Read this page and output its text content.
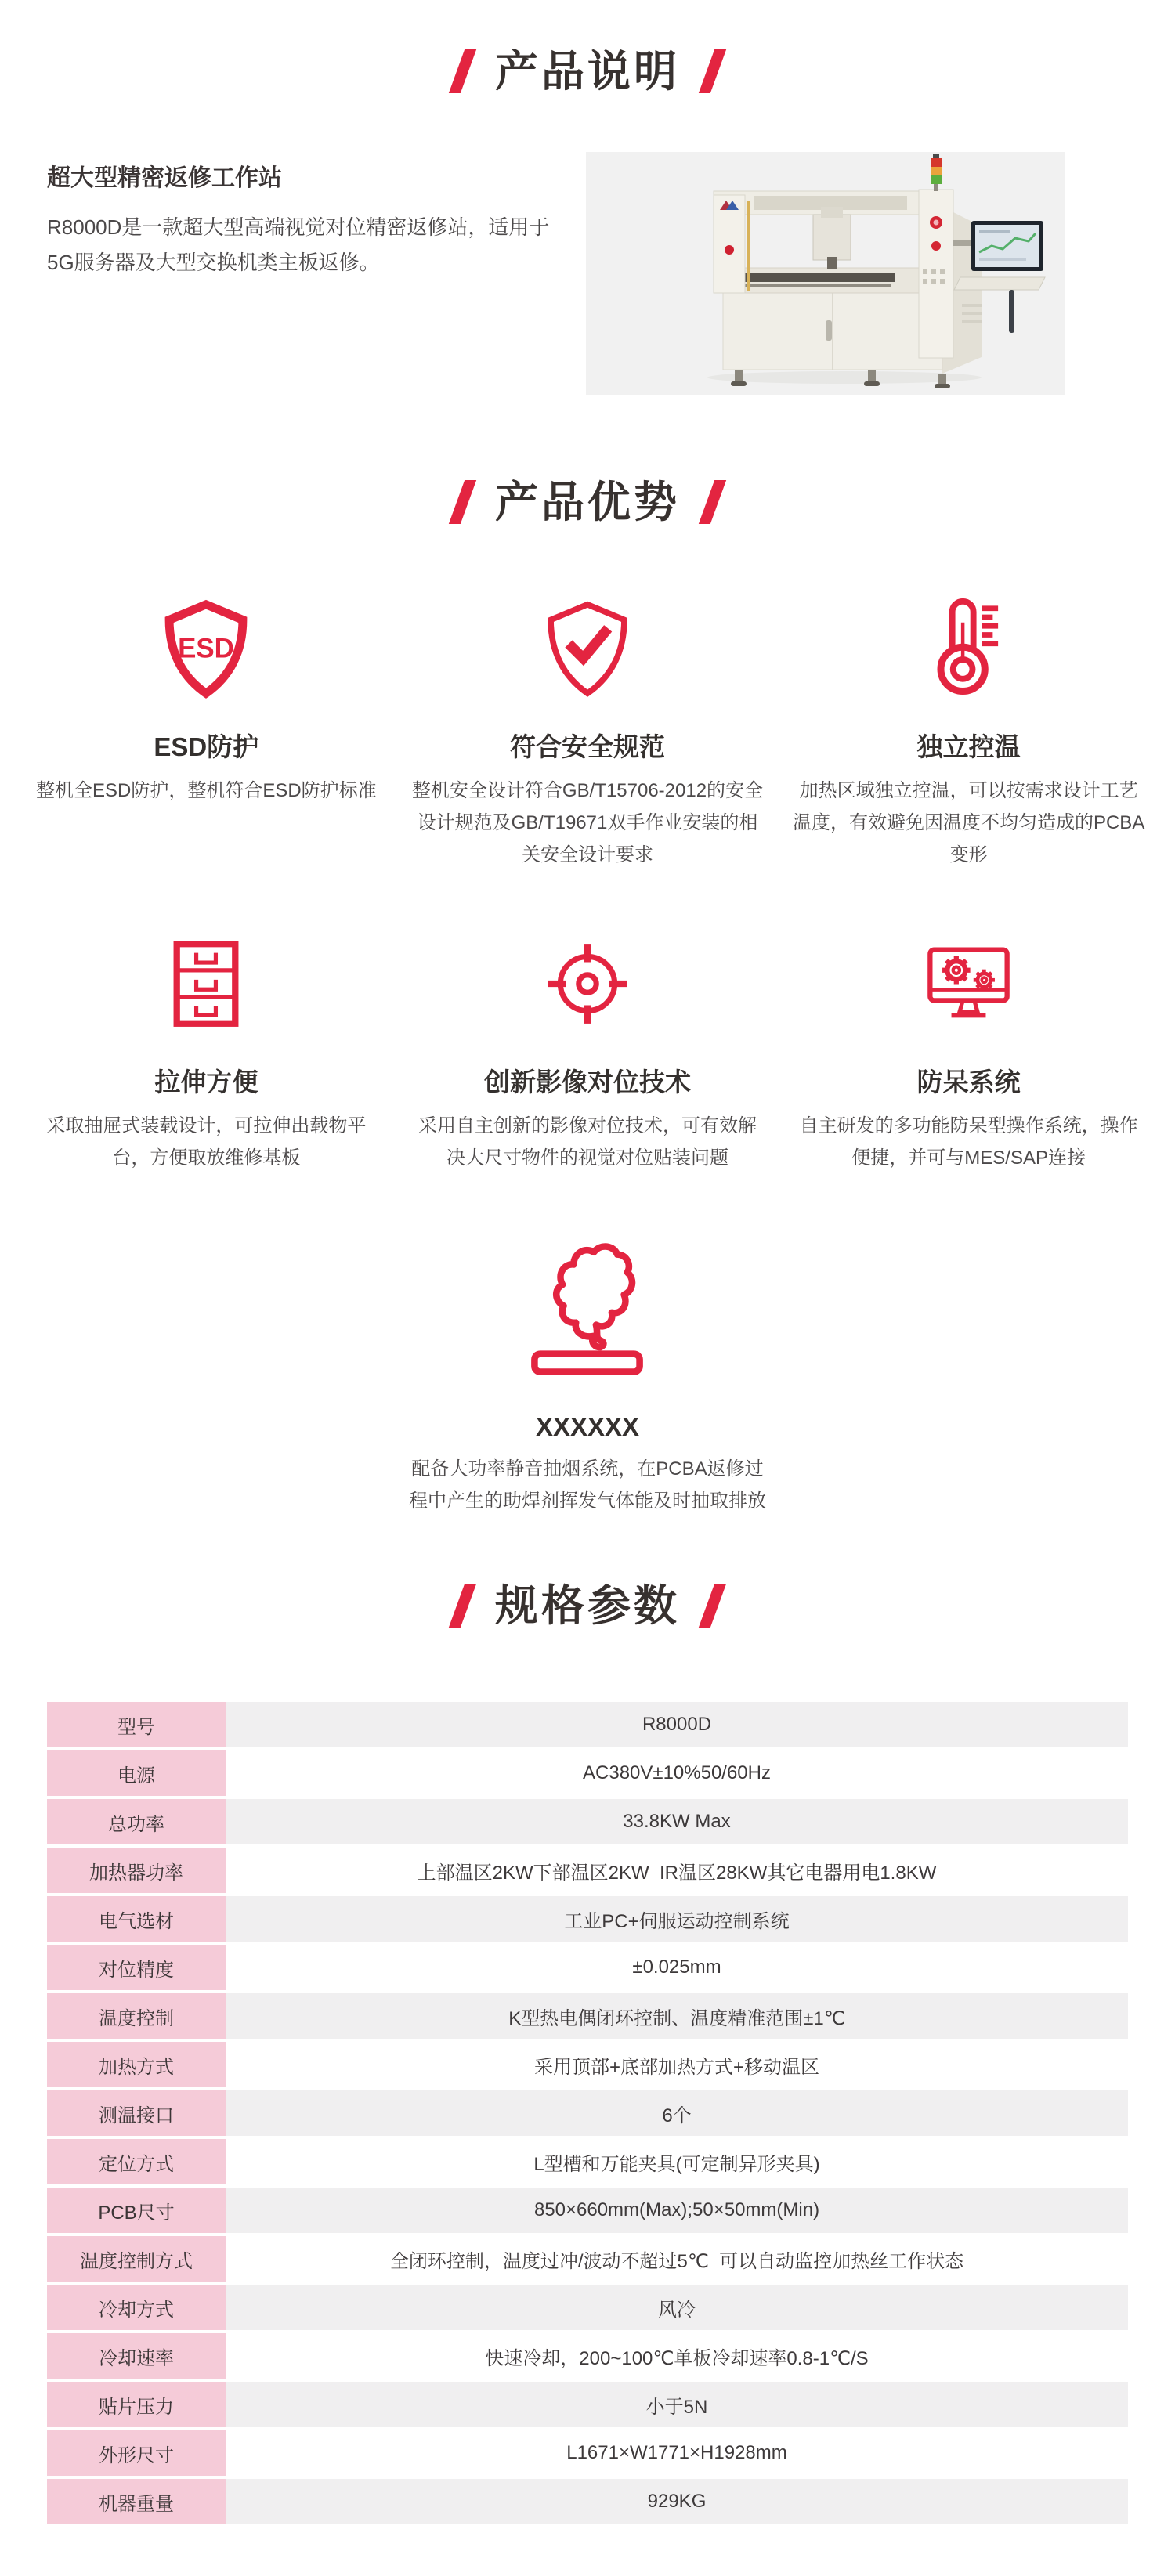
产品说明
超大型精密返修工作站

R8000D是一款超大型高端视觉对位精密返修站，适用于5G服务器及大型交换机类主板返修。

产品优势
ESD
ESD防护

整机全ESD防护，整机符合ESD防护标准

符合安全规范

整机安全设计符合GB/T15706-2012的安全设计规范及GB/T19671双手作业安装的相关安全设计要求

独立控温

加热区域独立控温，可以按需求设计工艺温度，有效避免因温度不均匀造成的PCBA变形

拉伸方便

采取抽屉式装载设计，可拉伸出载物平台，方便取放维修基板

创新影像对位技术

采用自主创新的影像对位技术，可有效解决大尺寸物件的视觉对位贴装问题

防呆系统

自主研发的多功能防呆型操作系统，操作便捷，并可与MES/SAP连接

XXXXXX

配备大功率静音抽烟系统，在PCBA返修过程中产生的助焊剂挥发气体能及时抽取排放

规格参数
型号	R8000D
电源	AC380V±10%50/60Hz
总功率	33.8KW Max
加热器功率	上部温区2KW下部温区2KW  IR温区28KW其它电器用电1.8KW
电气选材	工业PC+伺服运动控制系统
对位精度	±0.025mm
温度控制	K型热电偶闭环控制、温度精准范围±1℃
加热方式	采用顶部+底部加热方式+移动温区
测温接口	6个
定位方式	L型槽和万能夹具(可定制异形夹具)
PCB尺寸	850×660mm(Max);50×50mm(Min)
温度控制方式	全闭环控制，温度过冲/波动不超过5℃  可以自动监控加热丝工作状态
冷却方式	风冷
冷却速率	快速冷却，200~100℃单板冷却速率0.8-1℃/S
贴片压力	小于5N
外形尺寸	L1671×W1771×H1928mm
机器重量	929KG
